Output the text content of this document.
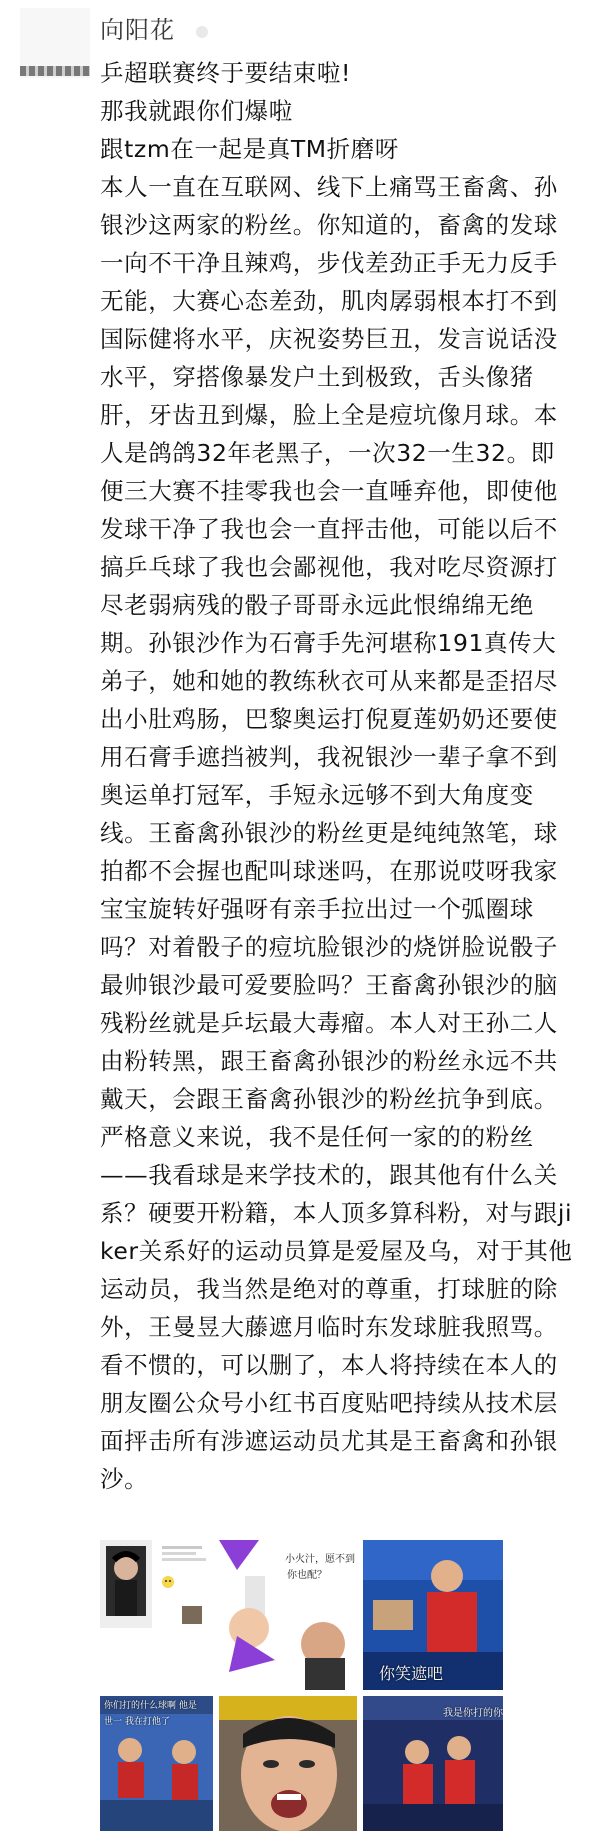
向阳花

乒超联赛终于要结束啦!

那我就跟你们爆啦

跟tzm在一起是真TM折磨呀

本人一直在互联网、线下上痛骂王畜禽、孙银沙这两家的粉丝。你知道的，畜禽的发球一向不干净且辣鸡，步伐差劲正手无力反手无能，大赛心态差劲，肌肉孱弱根本打不到国际健将水平，庆祝姿势巨丑，发言说话没水平，穿搭像暴发户土到极致，舌头像猪肝，牙齿丑到爆，脸上全是痘坑像月球。本人是鸽鸽32年老黑子，一次32一生32。即便三大赛不挂零我也会一直唾弃他，即使他发球干净了我也会一直抨击他，可能以后不搞乒乓球了我也会鄙视他，我对吃尽资源打尽老弱病残的骰子哥哥永远此恨绵绵无绝期。孙银沙作为石膏手先河堪称191真传大弟子，她和她的教练秋衣可从来都是歪招尽出小肚鸡肠，巴黎奥运打倪夏莲奶奶还要使用石膏手遮挡被判，我祝银沙一辈子拿不到奥运单打冠军，手短永远够不到大角度变线。王畜禽孙银沙的粉丝更是纯纯煞笔，球拍都不会握也配叫球迷吗，在那说哎呀我家宝宝旋转好强呀有亲手拉出过一个弧圈球吗？对着骰子的痘坑脸银沙的烧饼脸说骰子最帅银沙最可爱要脸吗？王畜禽孙银沙的脑残粉丝就是乒坛最大毒瘤。本人对王孙二人由粉转黑，跟王畜禽孙银沙的粉丝永远不共戴天，会跟王畜禽孙银沙的粉丝抗争到底。

严格意义来说，我不是任何一家的的粉丝——我看球是来学技术的，跟其他有什么关系？硬要开粉籍，本人顶多算科粉，对与跟jiker关系好的运动员算是爱屋及乌，对于其他运动员，我当然是绝对的尊重，打球脏的除外，王曼昱大藤遮月临时东发球脏我照骂。看不惯的，可以删了，本人将持续在本人的朋友圈公众号小红书百度贴吧持续从技术层面抨击所有涉遮运动员尤其是王畜禽和孙银沙。

小火汁，愿不到
你也配？
你笑遮吧
你们打的什么球啊 他是世一 我在打他了
我是你打的你
